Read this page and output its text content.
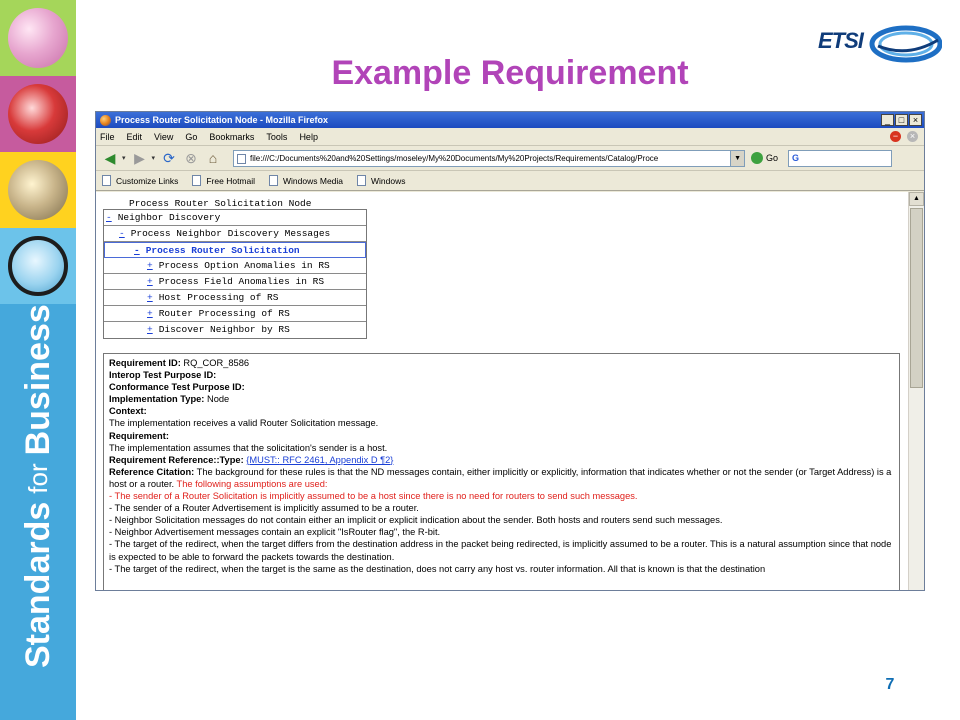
Standards
for
Business
Example Requirement
ETSI
7
Process Router Solicitation Node - Mozilla Firefox	_ □ ×
File Edit View Go Bookmarks Tools Help	−	×
◀ ▾ ▶ ▾ ⟳ ⊗ ⌂	file:///C:/Documents%20and%20Settings/moseley/My%20Documents/My%20Projects/Requirements/Catalog/Proce	▼	Go	G
Customize Links	Free Hotmail	Windows Media	Windows
Process Router Solicitation Node
- Neighbor Discovery
- Process Neighbor Discovery Messages
- Process Router Solicitation
+ Process Option Anomalies in RS
+ Process Field Anomalies in RS
+ Host Processing of RS
+ Router Processing of RS
+ Discover Neighbor by RS
Requirement ID: RQ_COR_8586
Interop Test Purpose ID:
Conformance Test Purpose ID:
Implementation Type: Node
Context:
The implementation receives a valid Router Solicitation message.
Requirement:
The implementation assumes that the solicitation's sender is a host.
Requirement Reference::Type: {MUST:: RFC 2461, Appendix D ¶2}
Reference Citation: The background for these rules is that the ND messages contain, either implicitly or explicitly, information that indicates whether or not the sender (or Target Address) is a host or a router. The following assumptions are used:
- The sender of a Router Solicitation is implicitly assumed to be a host since there is no need for routers to send such messages.
- The sender of a Router Advertisement is implicitly assumed to be a router.
- Neighbor Solicitation messages do not contain either an implicit or explicit indication about the sender. Both hosts and routers send such messages.
- Neighbor Advertisement messages contain an explicit "IsRouter flag", the R-bit.
- The target of the redirect, when the target differs from the destination address in the packet being redirected, is implicitly assumed to be a router. This is a natural assumption since that node is expected to be able to forward the packets towards the destination.
- The target of the redirect, when the target is the same as the destination, does not carry any host vs. router information. All that is known is that the destination
▲
